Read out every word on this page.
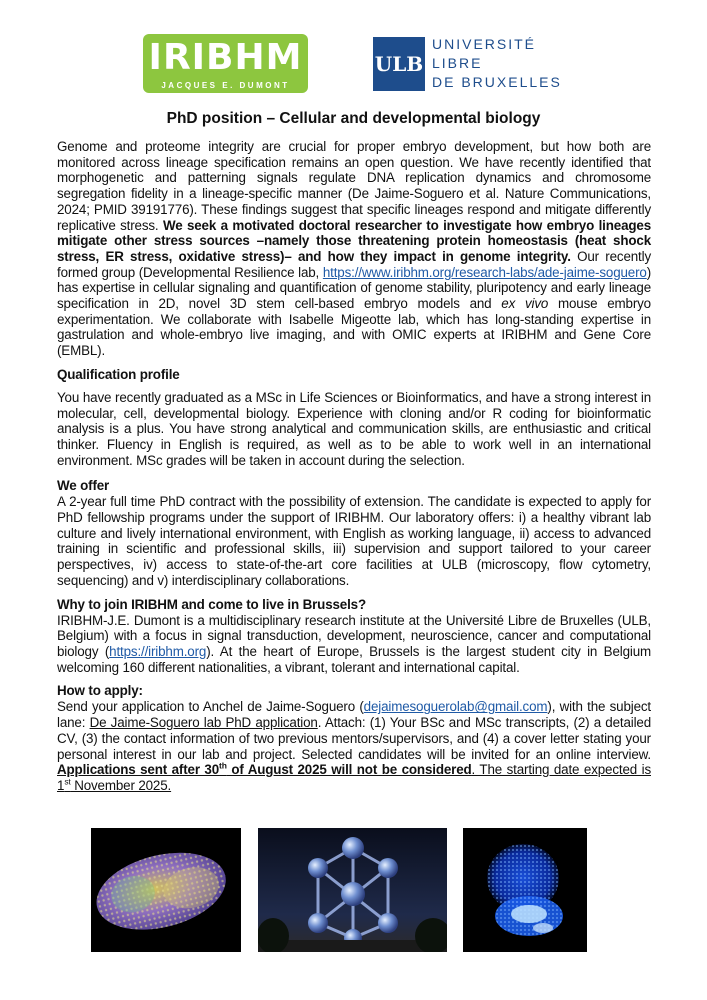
IRIBHM
JACQUES E. DUMONT
ULB
UNIVERSITÉ
LIBRE
DE BRUXELLES
PhD position – Cellular and developmental biology

Genome and proteome integrity are crucial for proper embryo development, but how both are monitored across lineage specification remains an open question. We have recently identified that morphogenetic and patterning signals regulate DNA replication dynamics and chromosome segregation fidelity in a lineage-specific manner (De Jaime-Soguero et al. Nature Communications, 2024; PMID 39191776). These findings suggest that specific lineages respond and mitigate differently replicative stress. We seek a motivated doctoral researcher to investigate how embryo lineages mitigate other stress sources –namely those threatening protein homeostasis (heat shock stress, ER stress, oxidative stress)– and how they impact in genome integrity. Our recently formed group (Developmental Resilience lab, https://www.iribhm.org/research-labs/ade-jaime-soguero) has expertise in cellular signaling and quantification of genome stability, pluripotency and early lineage specification in 2D, novel 3D stem cell-based embryo models and ex vivo mouse embryo experimentation. We collaborate with Isabelle Migeotte lab, which has long-standing expertise in gastrulation and whole-embryo live imaging, and with OMIC experts at IRIBHM and Gene Core (EMBL).

Qualification profile

You have recently graduated as a MSc in Life Sciences or Bioinformatics, and have a strong interest in molecular, cell, developmental biology. Experience with cloning and/or R coding for bioinformatic analysis is a plus. You have strong analytical and communication skills, are enthusiastic and critical thinker. Fluency in English is required, as well as to be able to work well in an international environment. MSc grades will be taken in account during the selection.

We offer

A 2-year full time PhD contract with the possibility of extension. The candidate is expected to apply for PhD fellowship programs under the support of IRIBHM. Our laboratory offers: i) a healthy vibrant lab culture and lively international environment, with English as working language, ii) access to advanced training in scientific and professional skills, iii) supervision and support tailored to your career perspectives, iv) access to state-of-the-art core facilities at ULB (microscopy, flow cytometry, sequencing) and v) interdisciplinary collaborations.

Why to join IRIBHM and come to live in Brussels?

IRIBHM-J.E. Dumont is a multidisciplinary research institute at the Université Libre de Bruxelles (ULB, Belgium) with a focus in signal transduction, development, neuroscience, cancer and computational biology (https://iribhm.org). At the heart of Europe, Brussels is the largest student city in Belgium welcoming 160 different nationalities, a vibrant, tolerant and international capital.

How to apply:

Send your application to Anchel de Jaime-Soguero (dejaimesoguerolab@gmail.com), with the subject lane: De Jaime-Soguero lab PhD application. Attach: (1) Your BSc and MSc transcripts, (2) a detailed CV, (3) the contact information of two previous mentors/supervisors, and (4) a cover letter stating your personal interest in our lab and project. Selected candidates will be invited for an online interview. Applications sent after 30th of August 2025 will not be considered. The starting date expected is 1st November 2025.
